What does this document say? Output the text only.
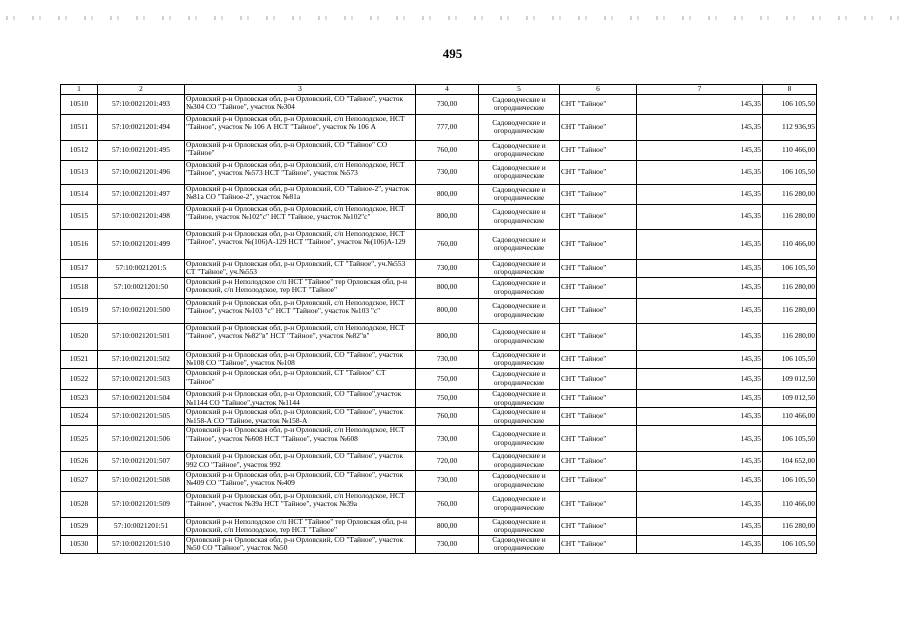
495
1	2	3	4	5	6	7	8
10510	57:10:0021201:493	Орловский р-н Орловская обл, р-н Орловский, СО "Тайное", участок №304 СО "Тайное", участок №304	730,00	Садоводческие и огороднические	СНТ "Тайное"	145,35	106 105,50
10511	57:10:0021201:494	Орловский р-н Орловская обл, р-н Орловский, с/п Неполодское, НСТ "Тайное", участок № 106 А НСТ "Тайное", участок № 106 А	777,00	Садоводческие и огороднические	СНТ "Тайное"	145,35	112 936,95
10512	57:10:0021201:495	Орловский р-н Орловская обл, р-н Орловский, СО "Тайное" СО "Тайное"	760,00	Садоводческие и огороднические	СНТ "Тайное"	145,35	110 466,00
10513	57:10:0021201:496	Орловский р-н Орловская обл, р-н Орловский, с/п Неполодское, НСТ "Тайное", участок №573 НСТ "Тайное", участок №573	730,00	Садоводческие и огороднические	СНТ "Тайное"	145,35	106 105,50
10514	57:10:0021201:497	Орловский р-н Орловская обл, р-н Орловский, СО "Тайное-2", участок №81а СО "Тайное-2", участок №81а	800,00	Садоводческие и огороднические	СНТ "Тайное"	145,35	116 280,00
10515	57:10:0021201:498	Орловский р-н Орловская обл, р-н Орловский, с/п Неполодское, НСТ "Тайное, участок №102"с" НСТ "Тайное, участок №102"с"	800,00	Садоводческие и огороднические	СНТ "Тайное"	145,35	116 280,00
10516	57:10:0021201:499	Орловский р-н Орловская обл, р-н Орловский, с/п Неполодское, НСТ "Тайное", участок №(106)А-129 НСТ "Тайное", участок №(106)А-129	760,00	Садоводческие и огороднические	СНТ "Тайное"	145,35	110 466,00
10517	57:10:0021201:5	Орловский р-н Орловская обл, р-н Орловский, СТ "Тайное", уч.№553 СТ "Тайное", уч.№553	730,00	Садоводческие и огороднические	СНТ "Тайное"	145,35	106 105,50
10518	57:10:0021201:50	Орловский р-н Неполодское с/п НСТ "Тайное" тер Орловская обл, р-н Орловский, с/п Неполодское, тер НСТ "Тайное"	800,00	Садоводческие и огороднические	СНТ "Тайное"	145,35	116 280,00
10519	57:10:0021201:500	Орловский р-н Орловская обл, р-н Орловский, с/п Неполодское, НСТ "Тайное", участок №103 "с" НСТ "Тайное", участок №103 "с"	800,00	Садоводческие и огороднические	СНТ "Тайное"	145,35	116 280,00
10520	57:10:0021201:501	Орловский р-н Орловская обл, р-н Орловский, с/п Неполодское, НСТ "Тайное", участок №82"в" НСТ "Тайное", участок №82"в"	800,00	Садоводческие и огороднические	СНТ "Тайное"	145,35	116 280,00
10521	57:10:0021201:502	Орловский р-н Орловская обл, р-н Орловский, СО "Тайное", участок №108 СО "Тайное", участок №108	730,00	Садоводческие и огороднические	СНТ "Тайное"	145,35	106 105,50
10522	57:10:0021201:503	Орловский р-н Орловская обл, р-н Орловский, СТ "Тайное" СТ "Тайное"	750,00	Садоводческие и огороднические	СНТ "Тайное"	145,35	109 012,50
10523	57:10:0021201:504	Орловский р-н Орловская обл, р-н Орловский, СО "Тайное",участок №1144 СО "Тайное",участок №1144	750,00	Садоводческие и огороднические	СНТ "Тайное"	145,35	109 012,50
10524	57:10:0021201:505	Орловский р-н Орловская обл, р-н Орловский, СО "Тайное", участок №158-А СО "Тайное, участок №158-А	760,00	Садоводческие и огороднические	СНТ "Тайное"	145,35	110 466,00
10525	57:10:0021201:506	Орловский р-н Орловская обл, р-н Орловский, с/п Неполодское, НСТ "Тайное", участок №608 НСТ "Тайное", участок №608	730,00	Садоводческие и огороднические	СНТ "Тайное"	145,35	106 105,50
10526	57:10:0021201:507	Орловский р-н Орловская обл, р-н Орловский, СО "Тайное", участок 992 СО "Тайное", участок 992	720,00	Садоводческие и огороднические	СНТ "Тайное"	145,35	104 652,00
10527	57:10:0021201:508	Орловский р-н Орловская обл, р-н Орловский, СО "Тайное", участок №409 СО "Тайное", участок №409	730,00	Садоводческие и огороднические	СНТ "Тайное"	145,35	106 105,50
10528	57:10:0021201:509	Орловский р-н Орловская обл, р-н Орловский, с/п Неполодское, НСТ "Тайное", участок №39а НСТ "Тайное", участок №39а	760,00	Садоводческие и огороднические	СНТ "Тайное"	145,35	110 466,00
10529	57:10:0021201:51	Орловский р-н Неполодское с/п НСТ "Тайное" тер Орловская обл, р-н Орловский, с/п Неполодское, тер НСТ "Тайное"	800,00	Садоводческие и огороднические	СНТ "Тайное"	145,35	116 280,00
10530	57:10:0021201:510	Орловский р-н Орловская обл, р-н Орловский, СО "Тайное", участок №50 СО "Тайное", участок №50	730,00	Садоводческие и огороднические	СНТ "Тайное"	145,35	106 105,50
